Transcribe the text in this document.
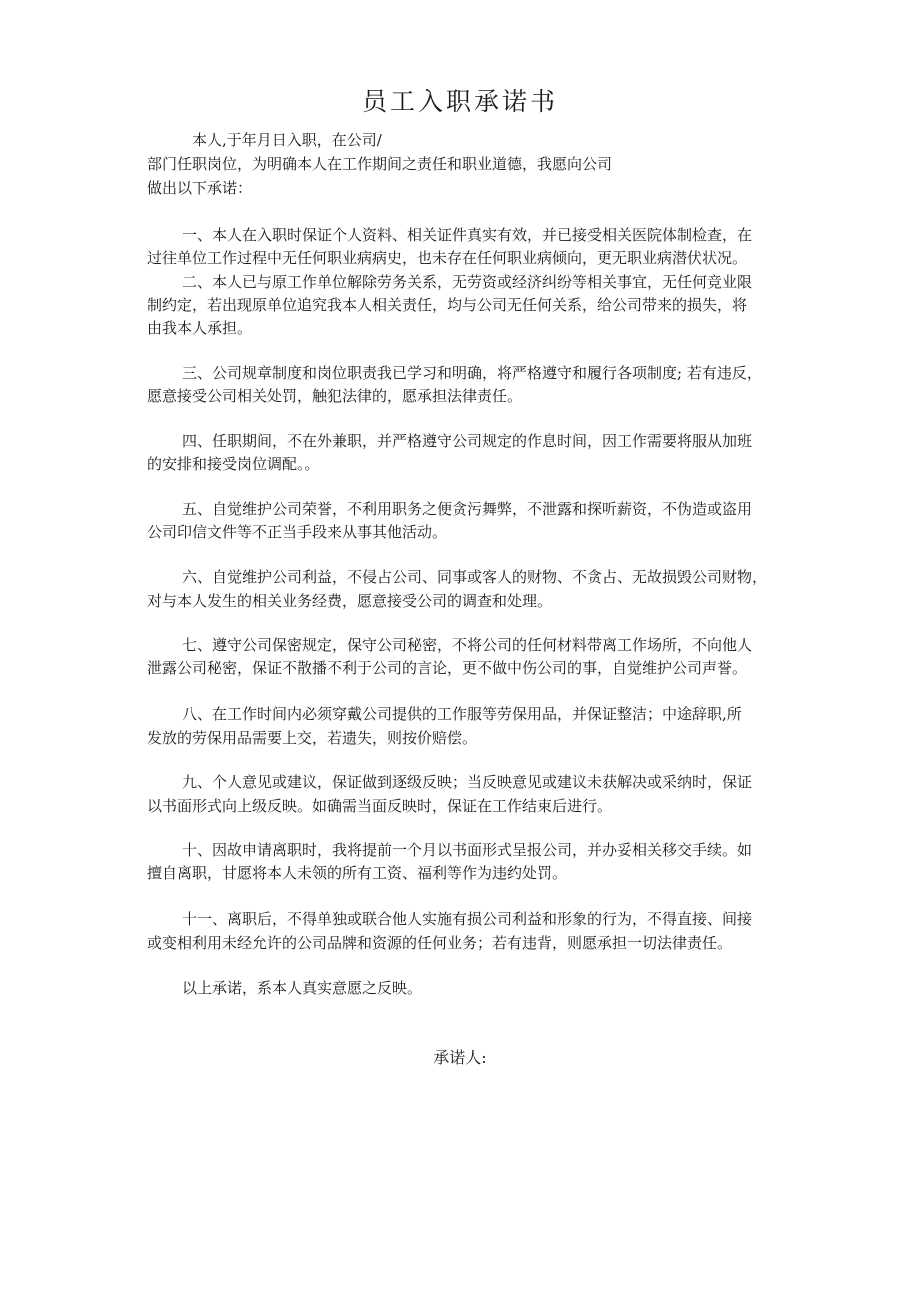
员工入职承诺书
本人,于年月日入职，在公司/
部门任职岗位，为明确本人在工作期间之责任和职业道德，我愿向公司
做出以下承诺：
一、本人在入职时保证个人资料、相关证件真实有效，并已接受相关医院体制检查，在
过往单位工作过程中无任何职业病病史，也未存在任何职业病倾向，更无职业病潜伏状况。
二、本人已与原工作单位解除劳务关系，无劳资或经济纠纷等相关事宜，无任何竞业限
制约定，若出现原单位追究我本人相关责任，均与公司无任何关系，给公司带来的损失，将
由我本人承担。
三、公司规章制度和岗位职责我已学习和明确，将严格遵守和履行各项制度; 若有违反，
愿意接受公司相关处罚，触犯法律的，愿承担法律责任。
四、任职期间，不在外兼职，并严格遵守公司规定的作息时间，因工作需要将服从加班
的安排和接受岗位调配。。
五、自觉维护公司荣誉，不利用职务之便贪污舞弊，不泄露和探听薪资，不伪造或盗用
公司印信文件等不正当手段来从事其他活动。
六、自觉维护公司利益，不侵占公司、同事或客人的财物、不贪占、无故损毁公司财物，
对与本人发生的相关业务经费，愿意接受公司的调查和处理。
七、遵守公司保密规定，保守公司秘密，不将公司的任何材料带离工作场所，不向他人
泄露公司秘密，保证不散播不利于公司的言论，更不做中伤公司的事，自觉维护公司声誉。
八、在工作时间内必须穿戴公司提供的工作服等劳保用品，并保证整洁；中途辞职,所
发放的劳保用品需要上交，若遗失，则按价赔偿。
九、个人意见或建议，保证做到逐级反映；当反映意见或建议未获解决或采纳时，保证
以书面形式向上级反映。如确需当面反映时，保证在工作结束后进行。
十、因故申请离职时，我将提前一个月以书面形式呈报公司，并办妥相关移交手续。如
擅自离职，甘愿将本人未领的所有工资、福利等作为违约处罚。
十一、离职后，不得单独或联合他人实施有损公司利益和形象的行为，不得直接、间接
或变相利用未经允许的公司品牌和资源的任何业务；若有违背，则愿承担一切法律责任。
以上承诺，系本人真实意愿之反映。
承诺人:
